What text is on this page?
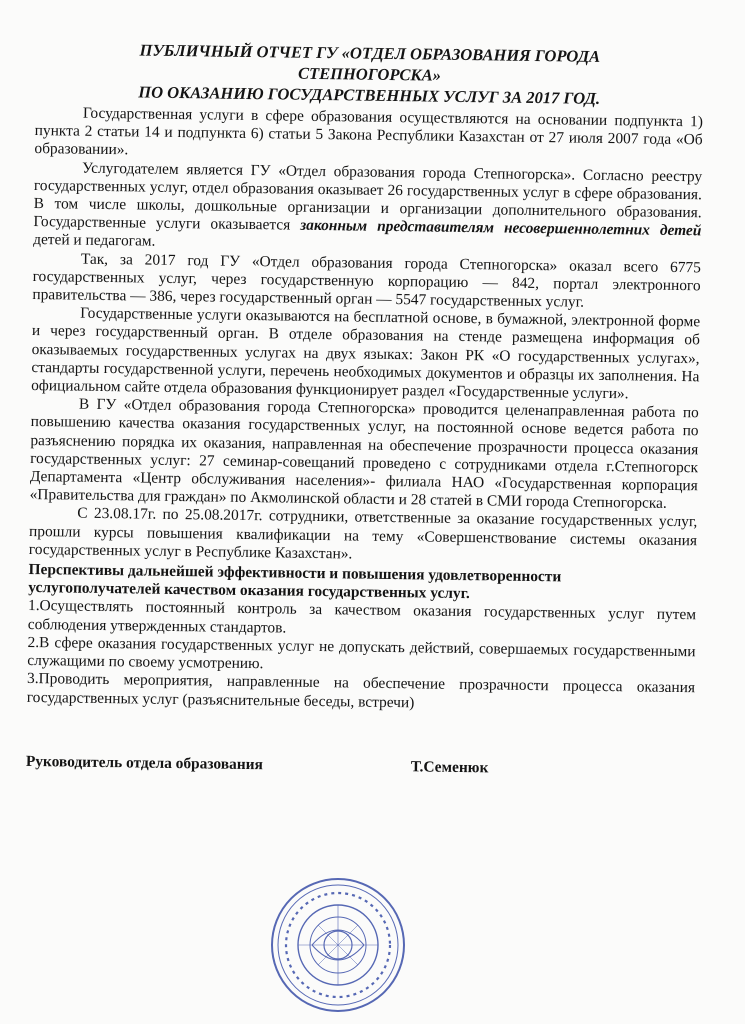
ПУБЛИЧНЫЙ ОТЧЕТ ГУ «ОТДЕЛ ОБРАЗОВАНИЯ ГОРОДА
СТЕПНОГОРСКА»
ПО ОКАЗАНИЮ ГОСУДАРСТВЕННЫХ УСЛУГ ЗА 2017 ГОД.

Государственная услуги в сфере образования осуществляются на основании подпункта 1) пункта 2 статьи 14 и подпункта 6) статьи 5 Закона Республики Казахстан от 27 июля 2007 года «Об образовании».

Услугодателем является ГУ «Отдел образования города Степногорска». Согласно реестру государственных услуг, отдел образования оказывает 26 государственных услуг в сфере образования. В том числе школы, дошкольные организации и организации дополнительного образования. Государственные услуги оказывается законным представителям несовершеннолетних детей детей и педагогам.

Так, за 2017 год ГУ «Отдел образования города Степногорска» оказал всего 6775 государственных услуг, через государственную корпорацию — 842, портал электронного правительства — 386, через государственный орган — 5547 государственных услуг.

Государственные услуги оказываются на бесплатной основе, в бумажной, электронной форме и через государственный орган. В отделе образования на стенде размещена информация об оказываемых государственных услугах на двух языках: Закон РК «О государственных услугах», стандарты государственной услуги, перечень необходимых документов и образцы их заполнения. На официальном сайте отдела образования функционирует раздел «Государственные услуги».

В ГУ «Отдел образования города Степногорска» проводится целенаправленная работа по повышению качества оказания государственных услуг, на постоянной основе ведется работа по разъяснению порядка их оказания, направленная на обеспечение прозрачности процесса оказания государственных услуг: 27 семинар-совещаний проведено с сотрудниками отдела г.Степногорск Департамента «Центр обслуживания населения»- филиала НАО «Государственная корпорация «Правительства для граждан» по Акмолинской области и 28 статей в СМИ города Степногорска.

С 23.08.17г. по 25.08.2017г. сотрудники, ответственные за оказание государственных услуг, прошли курсы повышения квалификации на тему «Совершенствование системы оказания государственных услуг в Республике Казахстан».

Перспективы дальнейшей эффективности и повышения удовлетворенности услугополучателей качеством оказания государственных услуг.

1.Осуществлять постоянный контроль за качеством оказания государственных услуг путем соблюдения утвержденных стандартов.

2.В сфере оказания государственных услуг не допускать действий, совершаемых государственными служащими по своему усмотрению.

3.Проводить мероприятия, направленные на обеспечение прозрачности процесса оказания государственных услуг (разъяснительные беседы, встречи)

Руководитель отдела образования	Т.Семенюк
